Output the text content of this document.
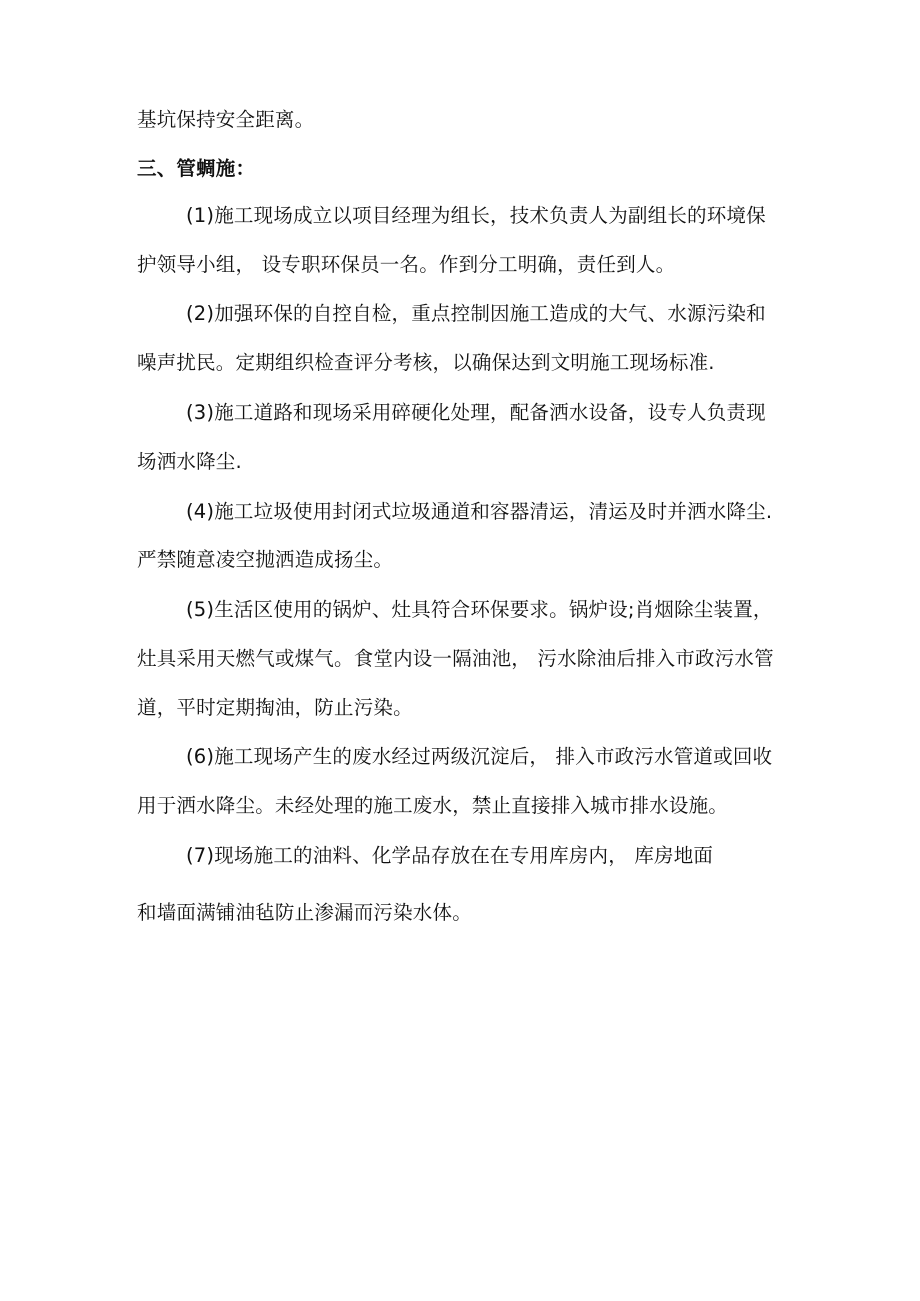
基坑保持安全距离。
三、管蜩施：
(1)施工现场成立以项目经理为组长，技术负责人为副组长的环境保
护领导小组， 设专职环保员一名。作到分工明确，责任到人。
(2)加强环保的自控自检，重点控制因施工造成的大气、水源污染和
噪声扰民。定期组织检查评分考核，以确保达到文明施工现场标准.
(3)施工道路和现场采用碎硬化处理，配备洒水设备，设专人负责现
场洒水降尘.
(4)施工垃圾使用封闭式垃圾通道和容器清运，清运及时并洒水降尘.
严禁随意凌空抛洒造成扬尘。
(5)生活区使用的锅炉、灶具符合环保要求。锅炉设;肖烟除尘装置，
灶具采用天燃气或煤气。食堂内设一隔油池， 污水除油后排入市政污水管
道，平时定期掏油，防止污染。
(6)施工现场产生的废水经过两级沉淀后， 排入市政污水管道或回收
用于洒水降尘。未经处理的施工废水，禁止直接排入城市排水设施。
(7)现场施工的油料、化学品存放在在专用库房内， 库房地面
和墙面满铺油毡防止渗漏而污染水体。
